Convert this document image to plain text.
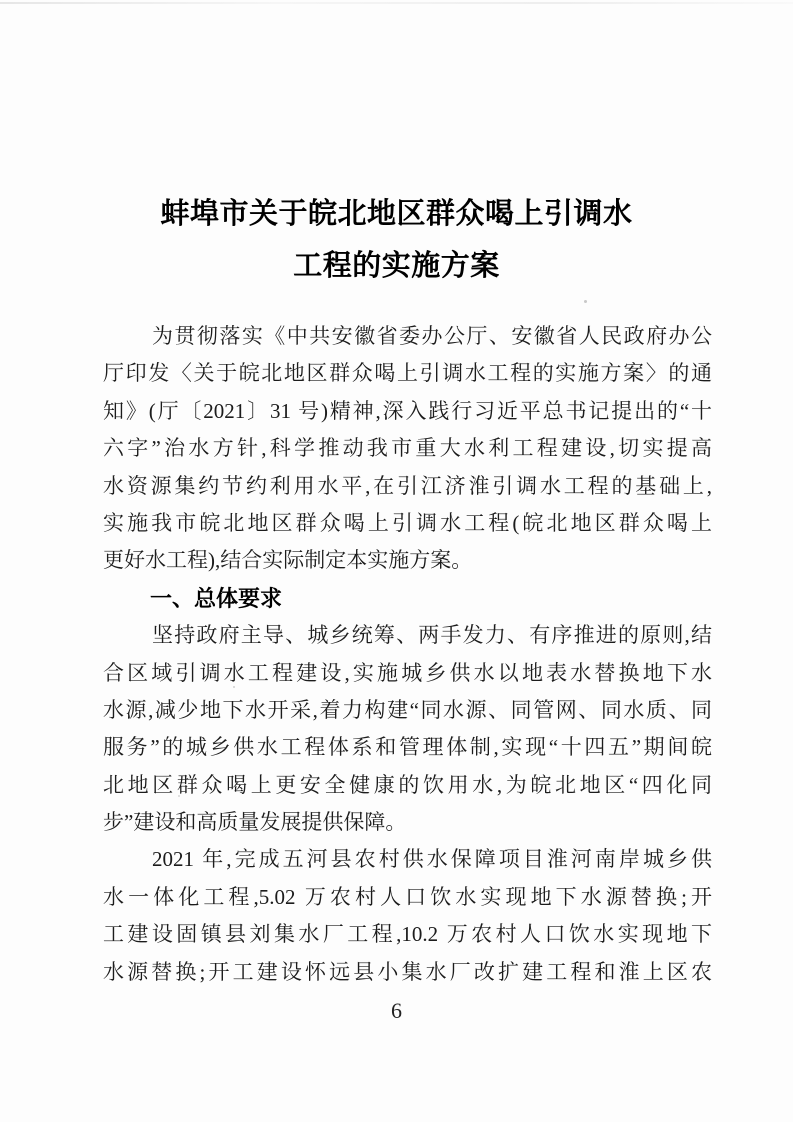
蚌埠市关于皖北地区群众喝上引调水
工程的实施方案
为贯彻落实《中共安徽省委办公厅、安徽省人民政府办公
厅印发〈关于皖北地区群众喝上引调水工程的实施方案〉的通
知》(厅〔2021〕31 号)精神,深入践行习近平总书记提出的“十
六字”治水方针,科学推动我市重大水利工程建设,切实提高
水资源集约节约利用水平,在引江济淮引调水工程的基础上,
实施我市皖北地区群众喝上引调水工程(皖北地区群众喝上
更好水工程),结合实际制定本实施方案。
一、总体要求
坚持政府主导、城乡统筹、两手发力、有序推进的原则,结
合区域引调水工程建设,实施城乡供水以地表水替换地下水
水源,减少地下水开采,着力构建“同水源、同管网、同水质、同
服务”的城乡供水工程体系和管理体制,实现“十四五”期间皖
北地区群众喝上更安全健康的饮用水,为皖北地区“四化同
步”建设和高质量发展提供保障。
2021 年,完成五河县农村供水保障项目淮河南岸城乡供
水一体化工程,5.02 万农村人口饮水实现地下水源替换;开
工建设固镇县刘集水厂工程,10.2 万农村人口饮水实现地下
水源替换;开工建设怀远县小集水厂改扩建工程和淮上区农
6
